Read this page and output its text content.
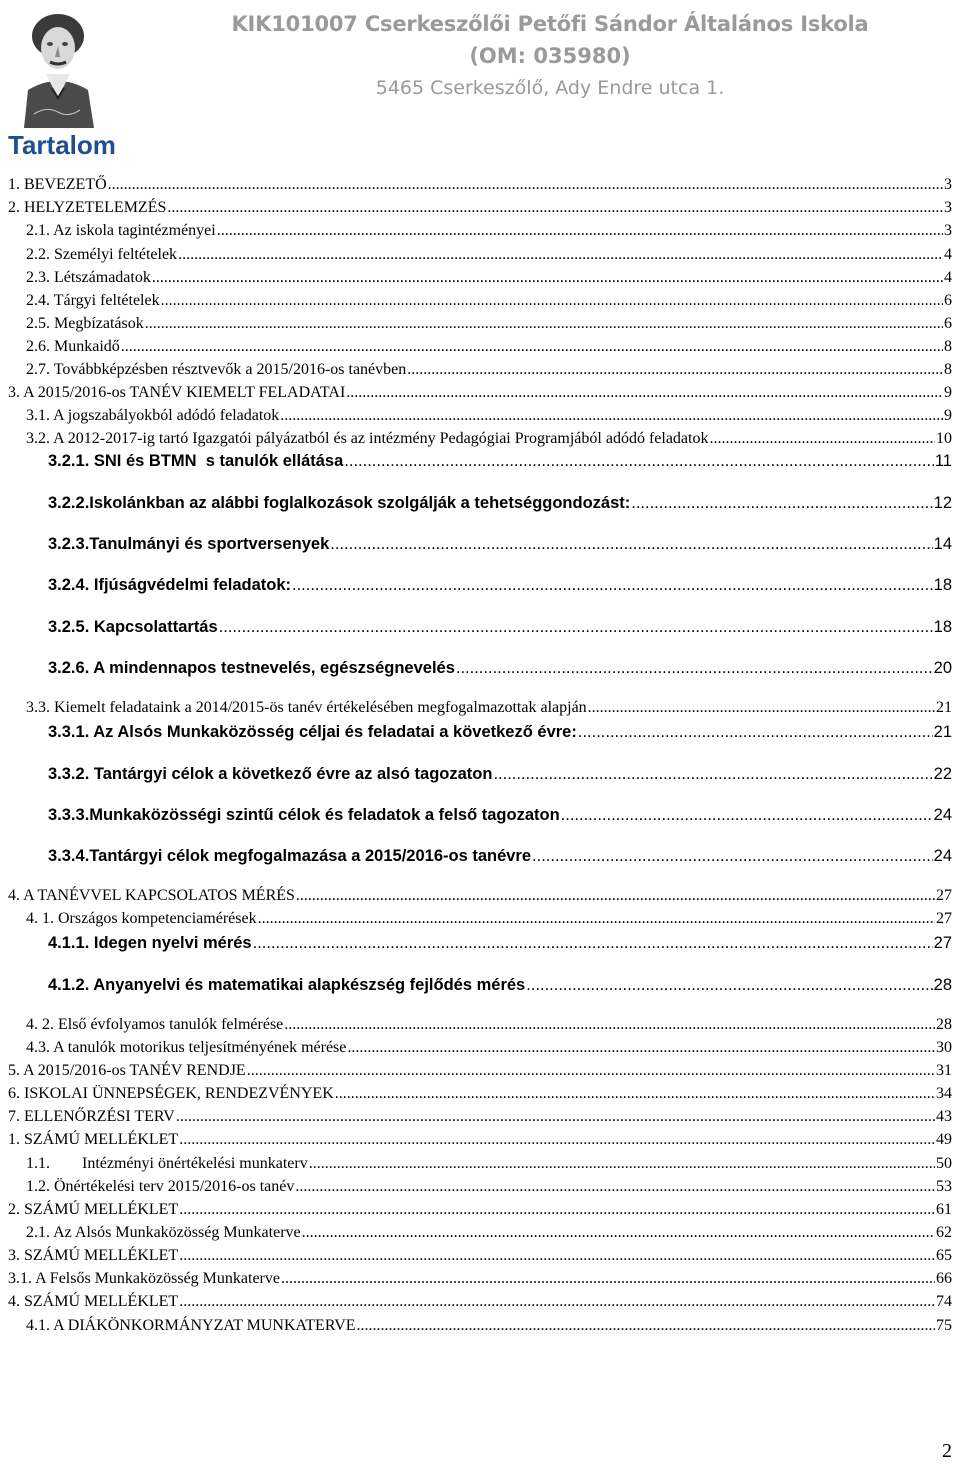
KIK101007 Cserkeszőlői Petőfi Sándor Általános Iskola
(OM: 035980)
5465 Cserkeszőlő, Ady Endre utca 1.
Tartalom
1. BEVEZETŐ .....	3
2. HELYZETELEMZÉS .....	3
2.1. Az iskola tagintézményei .....	3
2.2. Személyi feltételek .....	4
2.3. Létszámadatok .....	4
2.4. Tárgyi feltételek .....	6
2.5. Megbízatások .....	6
2.6. Munkaidő .....	8
2.7. Továbbképzésben résztvevők a 2015/2016-os tanévben .....	8
3. A 2015/2016-os TANÉV KIEMELT FELADATAI .....	9
3.1. A jogszabályokból adódó feladatok .....	9
3.2. A 2012-2017-ig tartó Igazgatói pályázatból és az intézmény Pedagógiai Programjából adódó feladatok .....	10
3.2.1. SNI és BTMN  s tanulók ellátása .....	11
3.2.2.Iskolánkban az alábbi foglalkozások szolgálják a tehetséggondozást: .....	12
3.2.3.Tanulmányi és sportversenyek .....	14
3.2.4. Ifjúságvédelmi feladatok: .....	18
3.2.5. Kapcsolattartás .....	18
3.2.6. A mindennapos testnevelés, egészségnevelés .....	20
3.3. Kiemelt feladataink a 2014/2015-ös tanév értékelésében megfogalmazottak alapján .....	21
3.3.1. Az Alsós Munkaközösség céljai és feladatai a következő évre: .....	21
3.3.2. Tantárgyi célok a következő évre az alsó tagozaton .....	22
3.3.3.Munkaközösségi szintű célok és feladatok a felső tagozaton .....	24
3.3.4.Tantárgyi célok megfogalmazása a 2015/2016-os tanévre .....	24
4. A TANÉVVEL KAPCSOLATOS MÉRÉS .....	27
4. 1. Országos kompetenciamérések .....	27
4.1.1. Idegen nyelvi mérés .....	27
4.1.2. Anyanyelvi és matematikai alapkészség fejlődés mérés .....	28
4. 2. Első évfolyamos tanulók felmérése .....	28
4.3. A tanulók motorikus teljesítményének mérése .....	30
5. A 2015/2016-os TANÉV RENDJE .....	31
6. ISKOLAI ÜNNEPSÉGEK, RENDEZVÉNYEK .....	34
7. ELLENŐRZÉSI TERV .....	43
1. SZÁMÚ MELLÉKLET .....	49
1.1.        Intézményi önértékelési munkaterv .....	50
1.2. Önértékelési terv 2015/2016-os tanév .....	53
2. SZÁMÚ MELLÉKLET .....	61
2.1. Az Alsós Munkaközösség Munkaterve .....	62
3. SZÁMÚ MELLÉKLET .....	65
3.1. A Felsős Munkaközösség Munkaterve .....	66
4. SZÁMÚ MELLÉKLET .....	74
4.1. A DIÁKÖNKORMÁNYZAT MUNKATERVE .....	75
2
